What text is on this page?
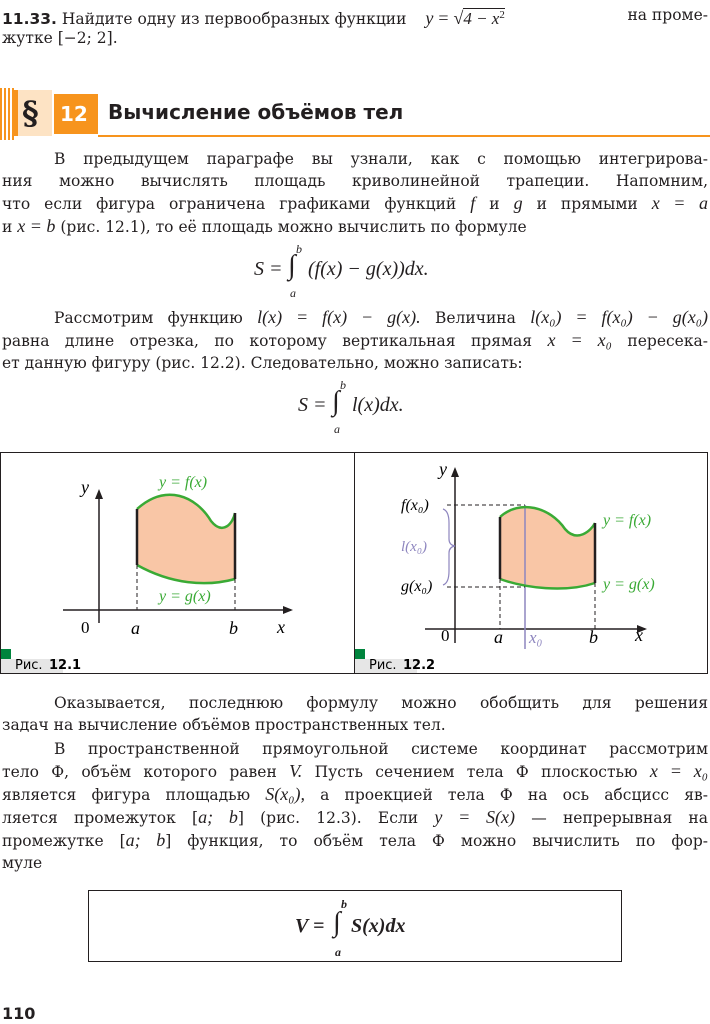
11.33. Найдите одну из первообразных функции $y = √4 - x^2$	на проме-
жутке [−2; 2].
§ 12 Вычисление объёмов тел
В предыдущем параграфе вы узнали, как с помощью интегрирова-
ния можно вычислять площадь криволинейной трапеции. Напомним,
что если фигура ограничена графиками функций f и g и прямыми x = a
и x = b (рис. 12.1), то её площадь можно вычислить по формуле
S =
b
∫
a
(f(x) − g(x))dx.
Рассмотрим функцию l(x) = f(x) − g(x). Величина l(x₀) = f(x₀) − g(x₀)
равна длине отрезка, по которому вертикальная прямая x = x₀ пересека-
ет данную фигуру (рис. 12.2). Следовательно, можно записать:
S =
b
∫
a
l(x)dx.
y = f(x)
y = g(x)
y
x
0 a	b
Рис. 12.1
y = f(x)
y = g(x)
f(x₀)
g(x₀)
l(x₀)
y
x
0 a x₀	b
Рис. 12.2
Оказывается, последнюю формулу можно обобщить для решения
задач на вычисление объёмов пространственных тел.
В пространственной прямоугольной системе координат рассмотрим
тело Ф, объём которого равен V. Пусть сечением тела Ф плоскостью x = x₀
является фигура площадью S(x₀), а проекцией тела Ф на ось абсцисс яв-
ляется промежуток [a; b] (рис. 12.3). Если y = S(x) — непрерывная на
промежутке [a; b] функция, то объём тела Ф можно вычислить по фор-
муле
V =
b
∫
a
S(x)dx
110
